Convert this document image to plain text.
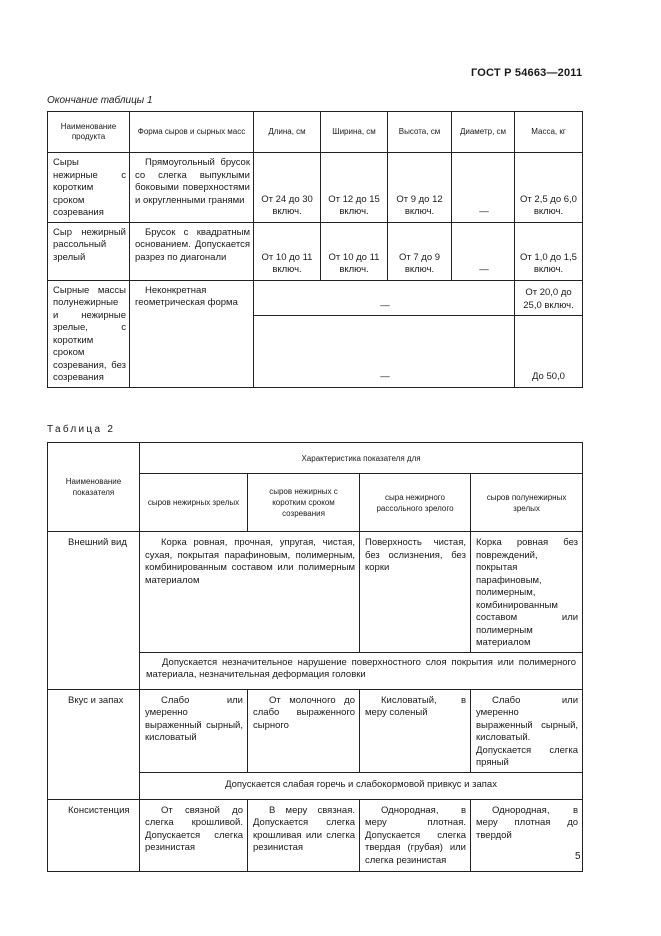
ГОСТ Р 54663—2011
Окончание таблицы 1
Наименование продукта	Форма сыров и сырных масс	Длина, см	Ширина, см	Высота, см	Диаметр, см	Масса, кг
Сыры нежирные с коротким сроком созревания	Прямоугольный брусок со слегка выпуклыми боковыми поверхностями и округленными гранями	От 24 до 30 включ.	От 12 до 15 включ.	От 9 до 12 включ.	—	От 2,5 до 6,0 включ.
Сыр нежирный рассольный зрелый	Брусок с квадратным основанием. Допускается разрез по диагонали	От 10 до 11 включ.	От 10 до 11 включ.	От 7 до 9 включ.	—	От 1,0 до 1,5 включ.
Сырные массы полунежирные и нежирные зрелые, с коротким сроком созревания, без созревания	Неконкретная геометрическая форма	—				От 20,0 до 25,0 включ.
		—				До 50,0
Таблица 2
Наименование показателя	Характеристика показателя для			
	сыров нежирных зрелых	сыров нежирных с коротким сроком созревания	сыра нежирного рассольного зрелого	сыров полунежирных зрелых
Внешний вид	Корка ровная, прочная, упругая, чистая, сухая, покрытая парафиновым, полимерным, комбинированным составом или полимерным материалом		Поверхность чистая, без ослизнения, без корки	Корка ровная без повреждений, покрытая парафиновым, полимерным, комбинированным составом или полимерным материалом
	Допускается незначительное нарушение поверхностного слоя покрытия или полимерного материала, незначительная деформация головки			
Вкус и запах	Слабо или умеренно выраженный сырный, кисловатый	От молочного до слабо выраженного сырного	Кисловатый, в меру соленый	Слабо или умеренно выраженный сырный, кисловатый. Допускается слегка пряный
	Допускается слабая горечь и слабокормовой привкус и запах			
Консистенция	От связной до слегка крошливой. Допускается слегка резинистая	В меру связная. Допускается слегка крошливая или слегка резинистая	Однородная, в меру плотная. Допускается слегка твердая (грубая) или слегка резинистая	Однородная, в меру плотная до твердой
5
